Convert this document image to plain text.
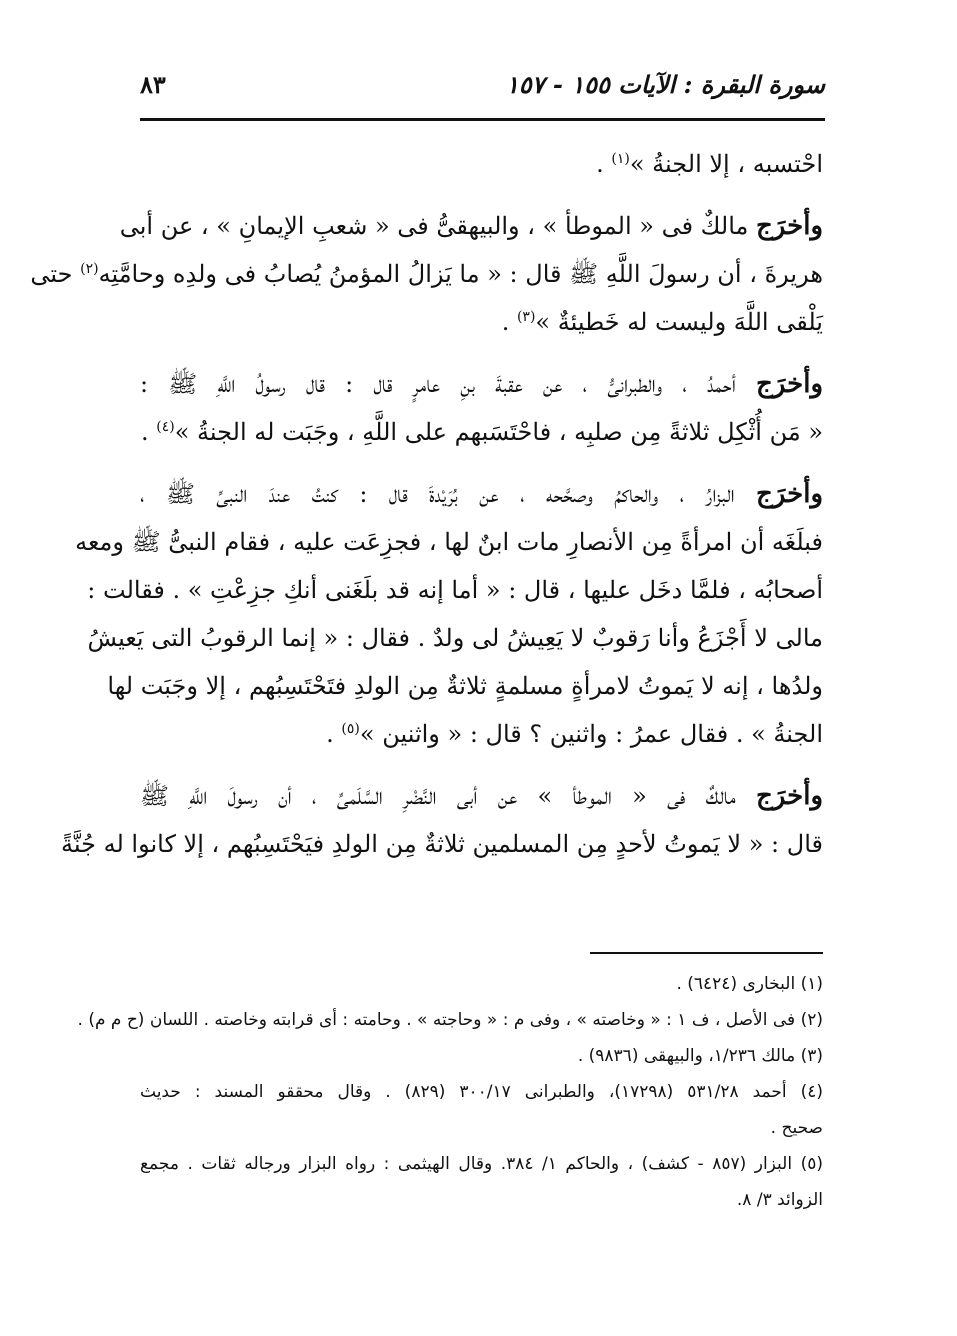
سورة البقرة : الآيات ١٥٥ - ١٥٧
٨٣

احْتسبه ، إلا الجنةُ »$^{(١)}$ .

وأخرَج مالكٌ فى « الموطأ » ، والبيهقىُّ فى « شعبِ الإيمانِ » ، عن أبى
هريرةَ ، أن رسولَ اللَّهِ ﷺ قال : « ما يَزالُ المؤمنُ يُصابُ فى ولدِه وحامَّتِه$^{(٢)}$ حتى
يَلْقى اللَّهَ وليست له خَطيئةٌ »$^{(٣)}$ .

وأخرَج أحمدُ ، والطبرانىُّ ، عن عقبةَ بنِ عامرٍ قال : قال رسولُ اللَّهِ ﷺ :
« مَن أُثْكِل ثلاثةً مِن صلبِه ، فاحْتَسَبهم على اللَّهِ ، وجَبَت له الجنةُ »$^{(٤)}$ .

وأخرَج البزارُ ، والحاكمُ وصحَّحه ، عن بُرَيْدةَ قال : كنتُ عندَ النبىِّ ﷺ ،
فبلَغَه أن امرأةً مِن الأنصارِ مات ابنٌ لها ، فجزِعَت عليه ، فقام النبىُّ ﷺ ومعه
أصحابُه ، فلمَّا دخَل عليها ، قال : « أما إنه قد بلَغَنى أنكِ جزِعْتِ » . فقالت :
مالى لا أَجْزَعُ وأنا رَقوبٌ لا يَعِيشُ لى ولدٌ . فقال : « إنما الرقوبُ التى يَعيشُ
ولدُها ، إنه لا يَموتُ لامرأةٍ مسلمةٍ ثلاثةٌ مِن الولدِ فتَحْتَسِبُهم ، إلا وجَبَت لها
الجنةُ » . فقال عمرُ : واثنين ؟ قال : « واثنين »$^{(٥)}$ .

وأخرَج مالكٌ فى « الموطأ » عن أبى النَّضْرِ السَّلَمىِّ ، أن رسولَ اللَّهِ ﷺ
قال : « لا يَموتُ لأحدٍ مِن المسلمين ثلاثةٌ مِن الولدِ فيَحْتَسِبُهم ، إلا كانوا له جُنَّةً

(١) البخارى (٦٤٢٤) .
(٢) فى الأصل ، ف ١ : « وخاصته » ، وفى م : « وحاجته » . وحامته : أى قرابته وخاصته . اللسان (ح م م) .
(٣) مالك ١/٢٣٦، والبيهقى (٩٨٣٦) .
(٤) أحمد ٥٣١/٢٨ (١٧٢٩٨)، والطبرانى ٣٠٠/١٧ (٨٢٩) . وقال محققو المسند : حديث
صحيح .
(٥) البزار (٨٥٧ - كشف) ، والحاكم ١/ ٣٨٤. وقال الهيثمى : رواه البزار ورجاله ثقات . مجمع
الزوائد ٣/ ٨.
